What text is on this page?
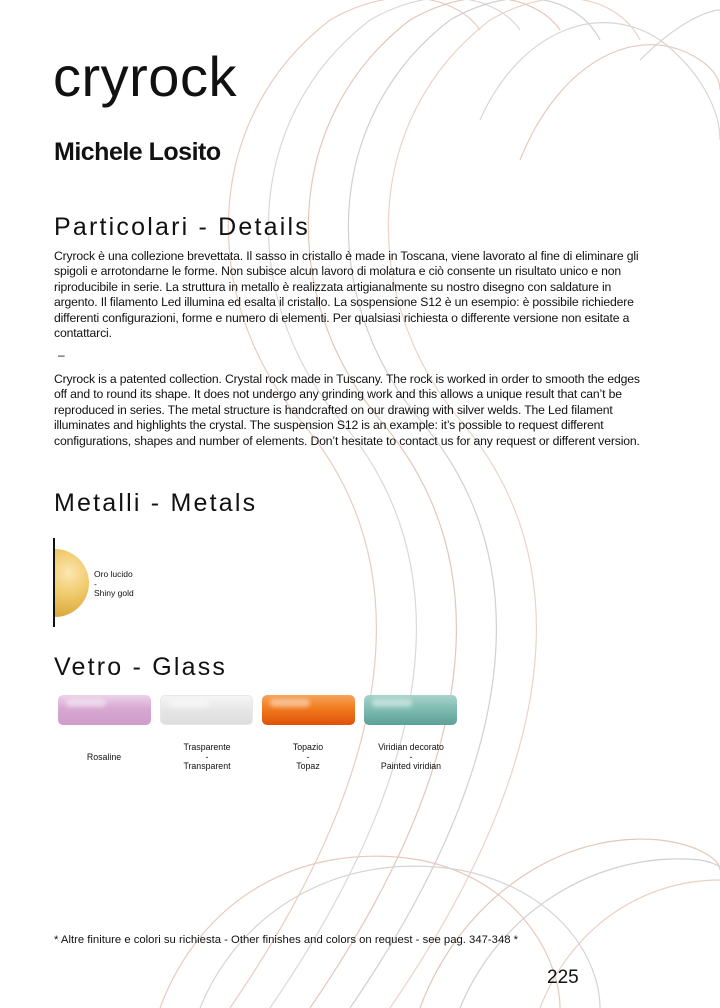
cryrock
Michele Losito
Particolari - Details

Cryrock è una collezione brevettata. Il sasso in cristallo è made in Toscana, viene lavorato al fine di eliminare gli spigoli e arrotondarne le forme. Non subisce alcun lavoro di molatura e ciò consente un risultato unico e non riproducibile in serie. La struttura in metallo è realizzata artigianalmente su nostro disegno con saldature in argento. Il filamento Led illumina ed esalta il cristallo. La sospensione S12 è un esempio: è possibile richiedere differenti configurazioni, forme e numero di elementi. Per qualsiasi richiesta o differente versione non esitate a contattarci.

–

Cryrock is a patented collection. Crystal rock made in Tuscany. The rock is worked in order to smooth the edges off and to round its shape. It does not undergo any grinding work and this allows a unique result that can’t be reproduced in series. The metal structure is handcrafted on our drawing with silver welds. The Led filament illuminates and highlights the crystal. The suspension S12 is an example: it’s possible to request different configurations, shapes and number of elements. Don’t hesitate to contact us for any request or different version.

Metalli - Metals
Oro lucido
-
Shiny gold
Vetro - Glass
Rosaline
Trasparente
-
Transparent
Topazio
-
Topaz
Viridian decorato
-
Painted viridian

* Altre finiture e colori su richiesta - Other finishes and colors on request - see pag. 347-348 *

225
